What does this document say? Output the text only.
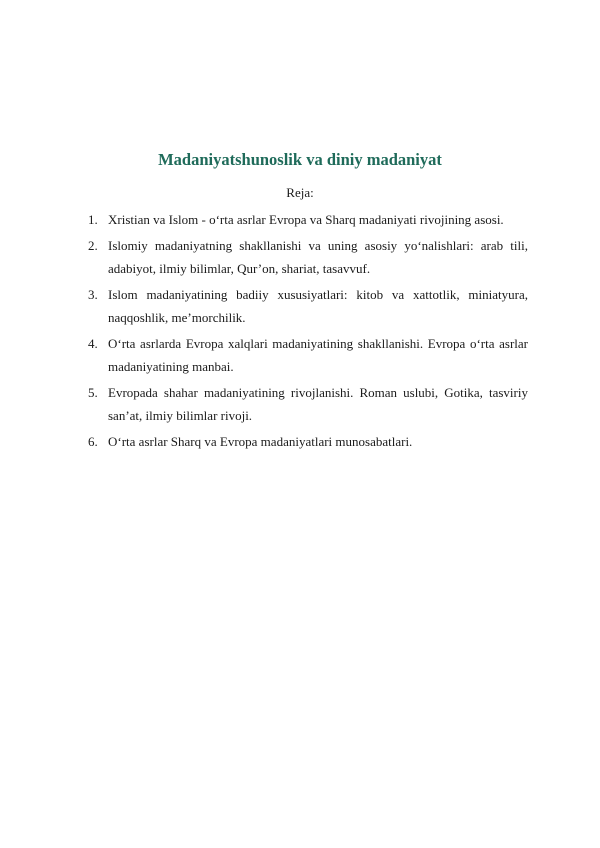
Madaniyatshunoslik va diniy madaniyat
Reja:
1. Xristian va Islom - o‘rta asrlar Evropa va Sharq madaniyati rivojining asosi.
2. Islomiy madaniyatning shakllanishi va uning asosiy yo‘nalishlari: arab tili, adabiyot, ilmiy bilimlar, Qur’on, shariat, tasavvuf.
3. Islom madaniyatining badiiy xususiyatlari: kitob va xattotlik, miniatyura, naqqoshlik, me’morchilik.
4. O‘rta asrlarda Evropa xalqlari madaniyatining shakllanishi. Evropa o‘rta asrlar madaniyatining manbai.
5. Evropada shahar madaniyatining rivojlanishi. Roman uslubi, Gotika, tasviriy san’at, ilmiy bilimlar rivoji.
6. O‘rta asrlar Sharq va Evropa madaniyatlari munosabatlari.
